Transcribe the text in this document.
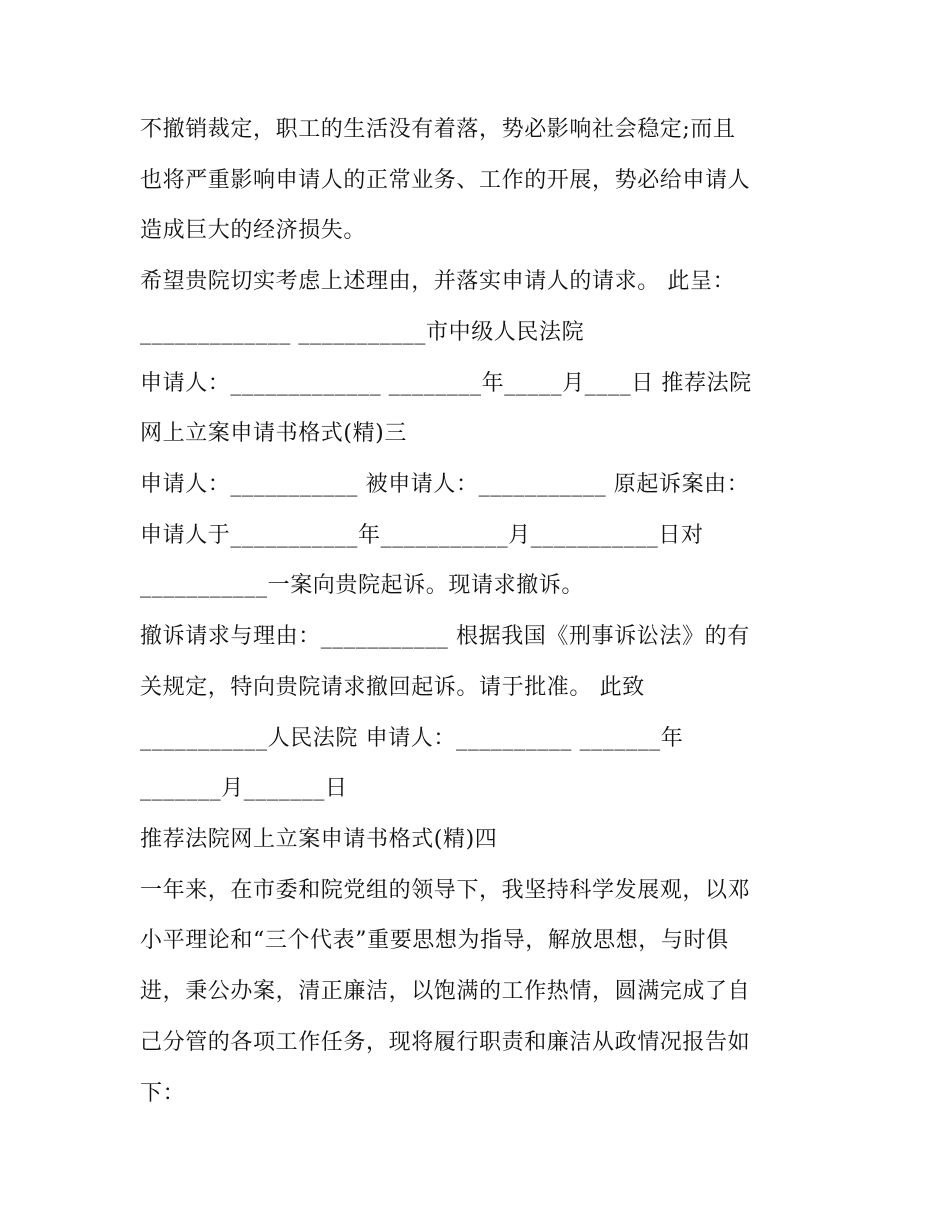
不撤销裁定，职工的生活没有着落，势必影响社会稳定;而且
也将严重影响申请人的正常业务、工作的开展，势必给申请人
造成巨大的经济损失。
希望贵院切实考虑上述理由，并落实申请人的请求。 此呈：
_____________ ___________市中级人民法院
申请人：_____________ ________年_____月____日 推荐法院
网上立案申请书格式(精)三
申请人：___________ 被申请人：___________ 原起诉案由：
申请人于___________年___________月___________日对
___________一案向贵院起诉。现请求撤诉。
撤诉请求与理由：___________ 根据我国《刑事诉讼法》的有
关规定，特向贵院请求撤回起诉。请于批准。 此致
___________人民法院 申请人：__________ _______年
_______月_______日
推荐法院网上立案申请书格式(精)四
一年来，在市委和院党组的领导下，我坚持科学发展观，以邓
小平理论和“三个代表”重要思想为指导，解放思想，与时俱
进，秉公办案，清正廉洁，以饱满的工作热情，圆满完成了自
己分管的各项工作任务，现将履行职责和廉洁从政情况报告如
下：
